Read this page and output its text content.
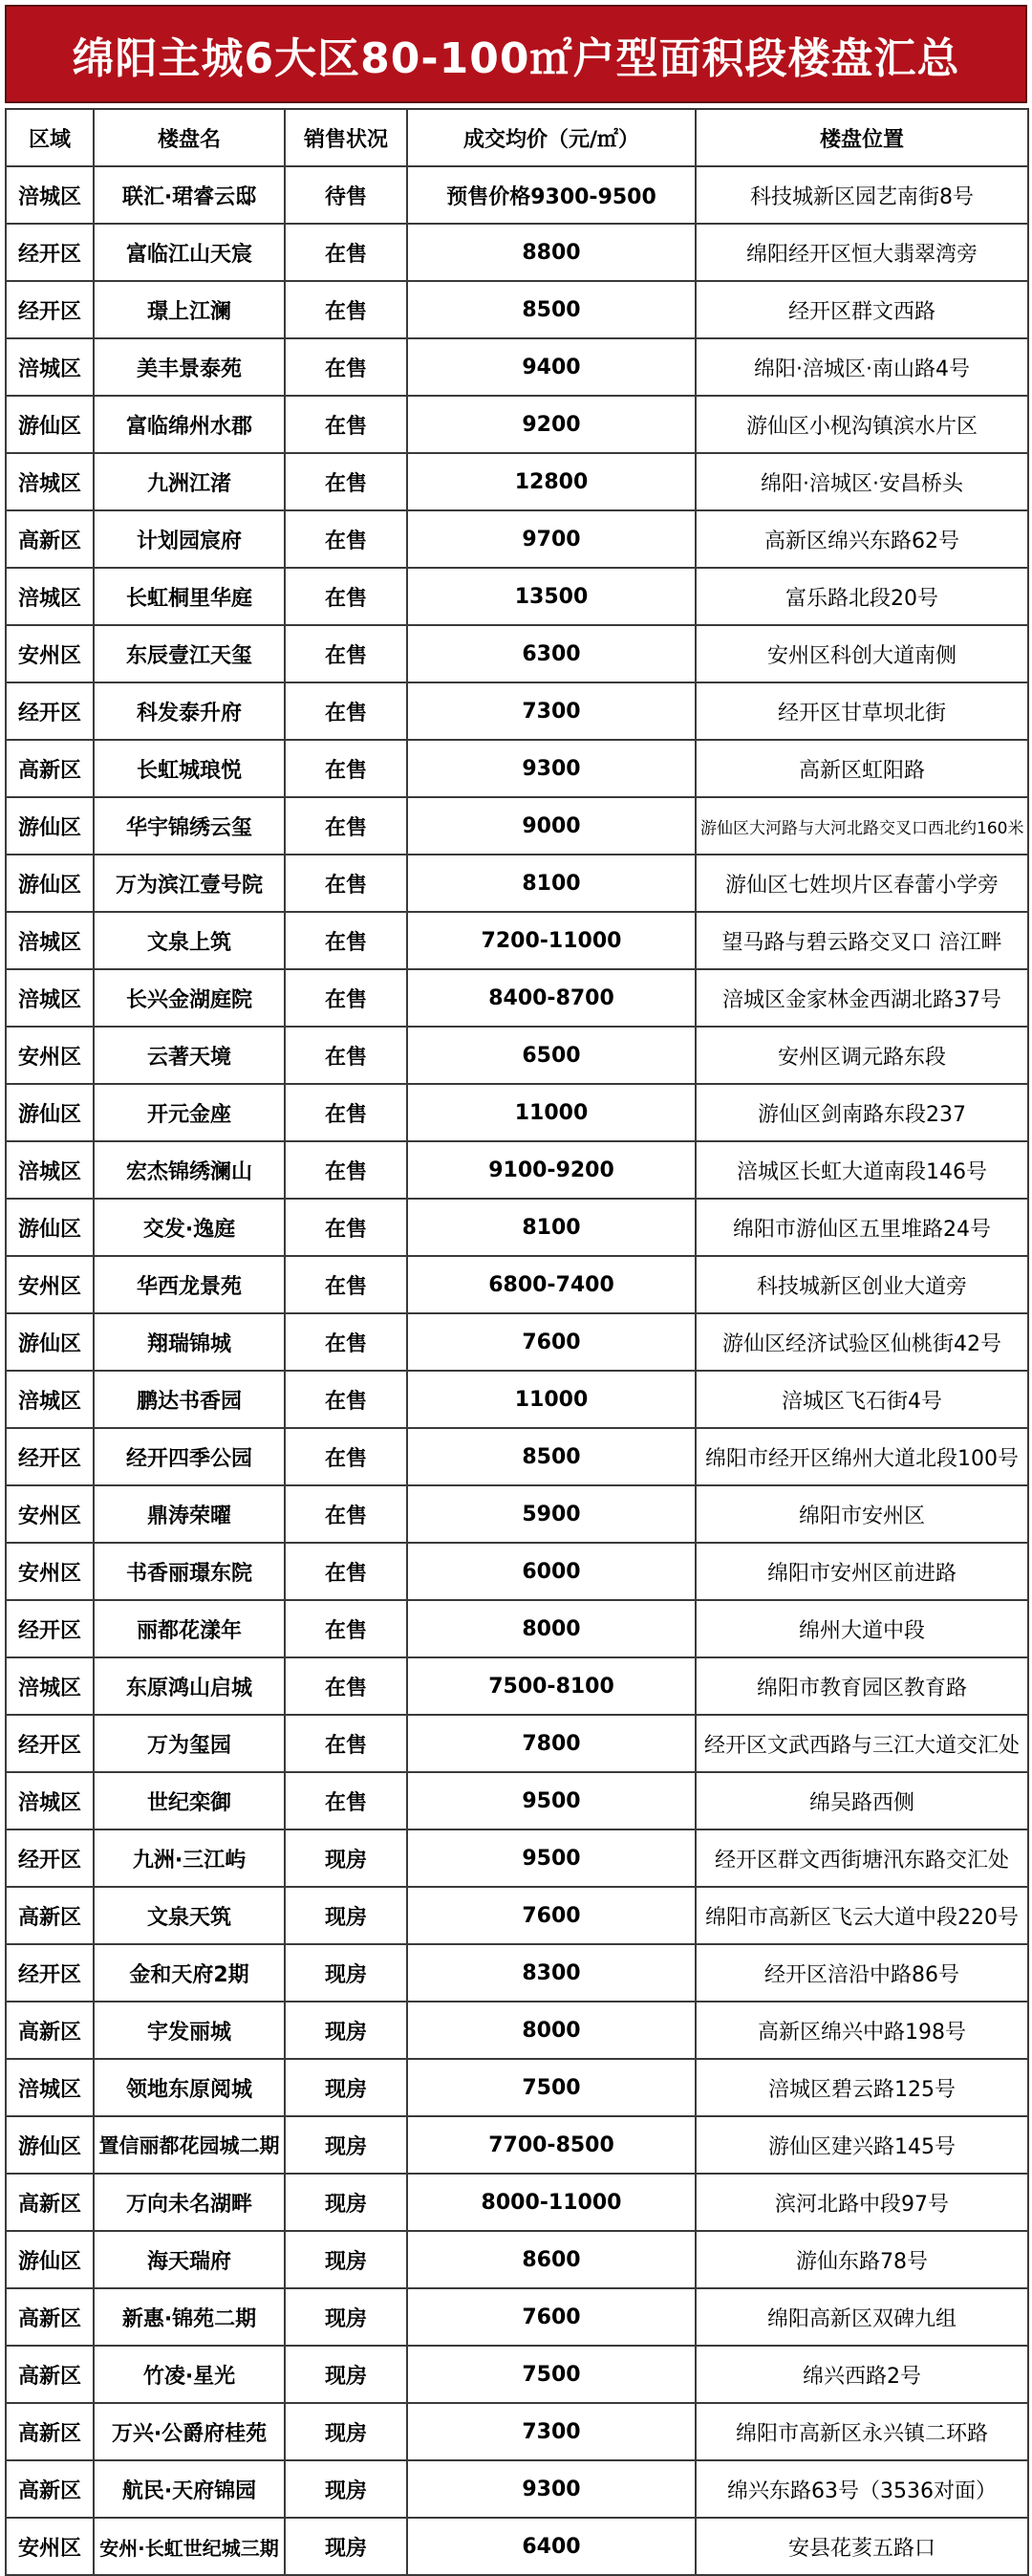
绵阳主城6大区80-100㎡户型面积段楼盘汇总
区域	楼盘名	销售状况	成交均价（元/㎡）	楼盘位置
涪城区	联汇·珺睿云邸	待售	预售价格9300-9500	科技城新区园艺南街8号
经开区	富临江山天宸	在售	8800	绵阳经开区恒大翡翠湾旁
经开区	璟上江澜	在售	8500	经开区群文西路
涪城区	美丰景泰苑	在售	9400	绵阳·涪城区·南山路4号
游仙区	富临绵州水郡	在售	9200	游仙区小枧沟镇滨水片区
涪城区	九洲江渚	在售	12800	绵阳·涪城区·安昌桥头
高新区	计划园宸府	在售	9700	高新区绵兴东路62号
涪城区	长虹桐里华庭	在售	13500	富乐路北段20号
安州区	东辰壹江天玺	在售	6300	安州区科创大道南侧
经开区	科发泰升府	在售	7300	经开区甘草坝北街
高新区	长虹城琅悦	在售	9300	高新区虹阳路
游仙区	华宇锦绣云玺	在售	9000	游仙区大河路与大河北路交叉口西北约160米
游仙区	万为滨江壹号院	在售	8100	游仙区七姓坝片区春蕾小学旁
涪城区	文泉上筑	在售	7200-11000	望马路与碧云路交叉口 涪江畔
涪城区	长兴金湖庭院	在售	8400-8700	涪城区金家林金西湖北路37号
安州区	云著天境	在售	6500	安州区调元路东段
游仙区	开元金座	在售	11000	游仙区剑南路东段237
涪城区	宏杰锦绣澜山	在售	9100-9200	涪城区长虹大道南段146号
游仙区	交发·逸庭	在售	8100	绵阳市游仙区五里堆路24号
安州区	华西龙景苑	在售	6800-7400	科技城新区创业大道旁
游仙区	翔瑞锦城	在售	7600	游仙区经济试验区仙桃街42号
涪城区	鹏达书香园	在售	11000	涪城区飞石街4号
经开区	经开四季公园	在售	8500	绵阳市经开区绵州大道北段100号
安州区	鼎涛荣曜	在售	5900	绵阳市安州区
安州区	书香丽璟东院	在售	6000	绵阳市安州区前进路
经开区	丽都花漾年	在售	8000	绵州大道中段
涪城区	东原鸿山启城	在售	7500-8100	绵阳市教育园区教育路
经开区	万为玺园	在售	7800	经开区文武西路与三江大道交汇处
涪城区	世纪栾御	在售	9500	绵吴路西侧
经开区	九洲·三江屿	现房	9500	经开区群文西街塘汛东路交汇处
高新区	文泉天筑	现房	7600	绵阳市高新区飞云大道中段220号
经开区	金和天府2期	现房	8300	经开区涪沿中路86号
高新区	宇发丽城	现房	8000	高新区绵兴中路198号
涪城区	领地东原阅城	现房	7500	涪城区碧云路125号
游仙区	置信丽都花园城二期	现房	7700-8500	游仙区建兴路145号
高新区	万向未名湖畔	现房	8000-11000	滨河北路中段97号
游仙区	海天瑞府	现房	8600	游仙东路78号
高新区	新惠·锦苑二期	现房	7600	绵阳高新区双碑九组
高新区	竹凌·星光	现房	7500	绵兴西路2号
高新区	万兴·公爵府桂苑	现房	7300	绵阳市高新区永兴镇二环路
高新区	航民·天府锦园	现房	9300	绵兴东路63号（3536对面）
安州区	安州·长虹世纪城三期	现房	6400	安县花荄五路口
